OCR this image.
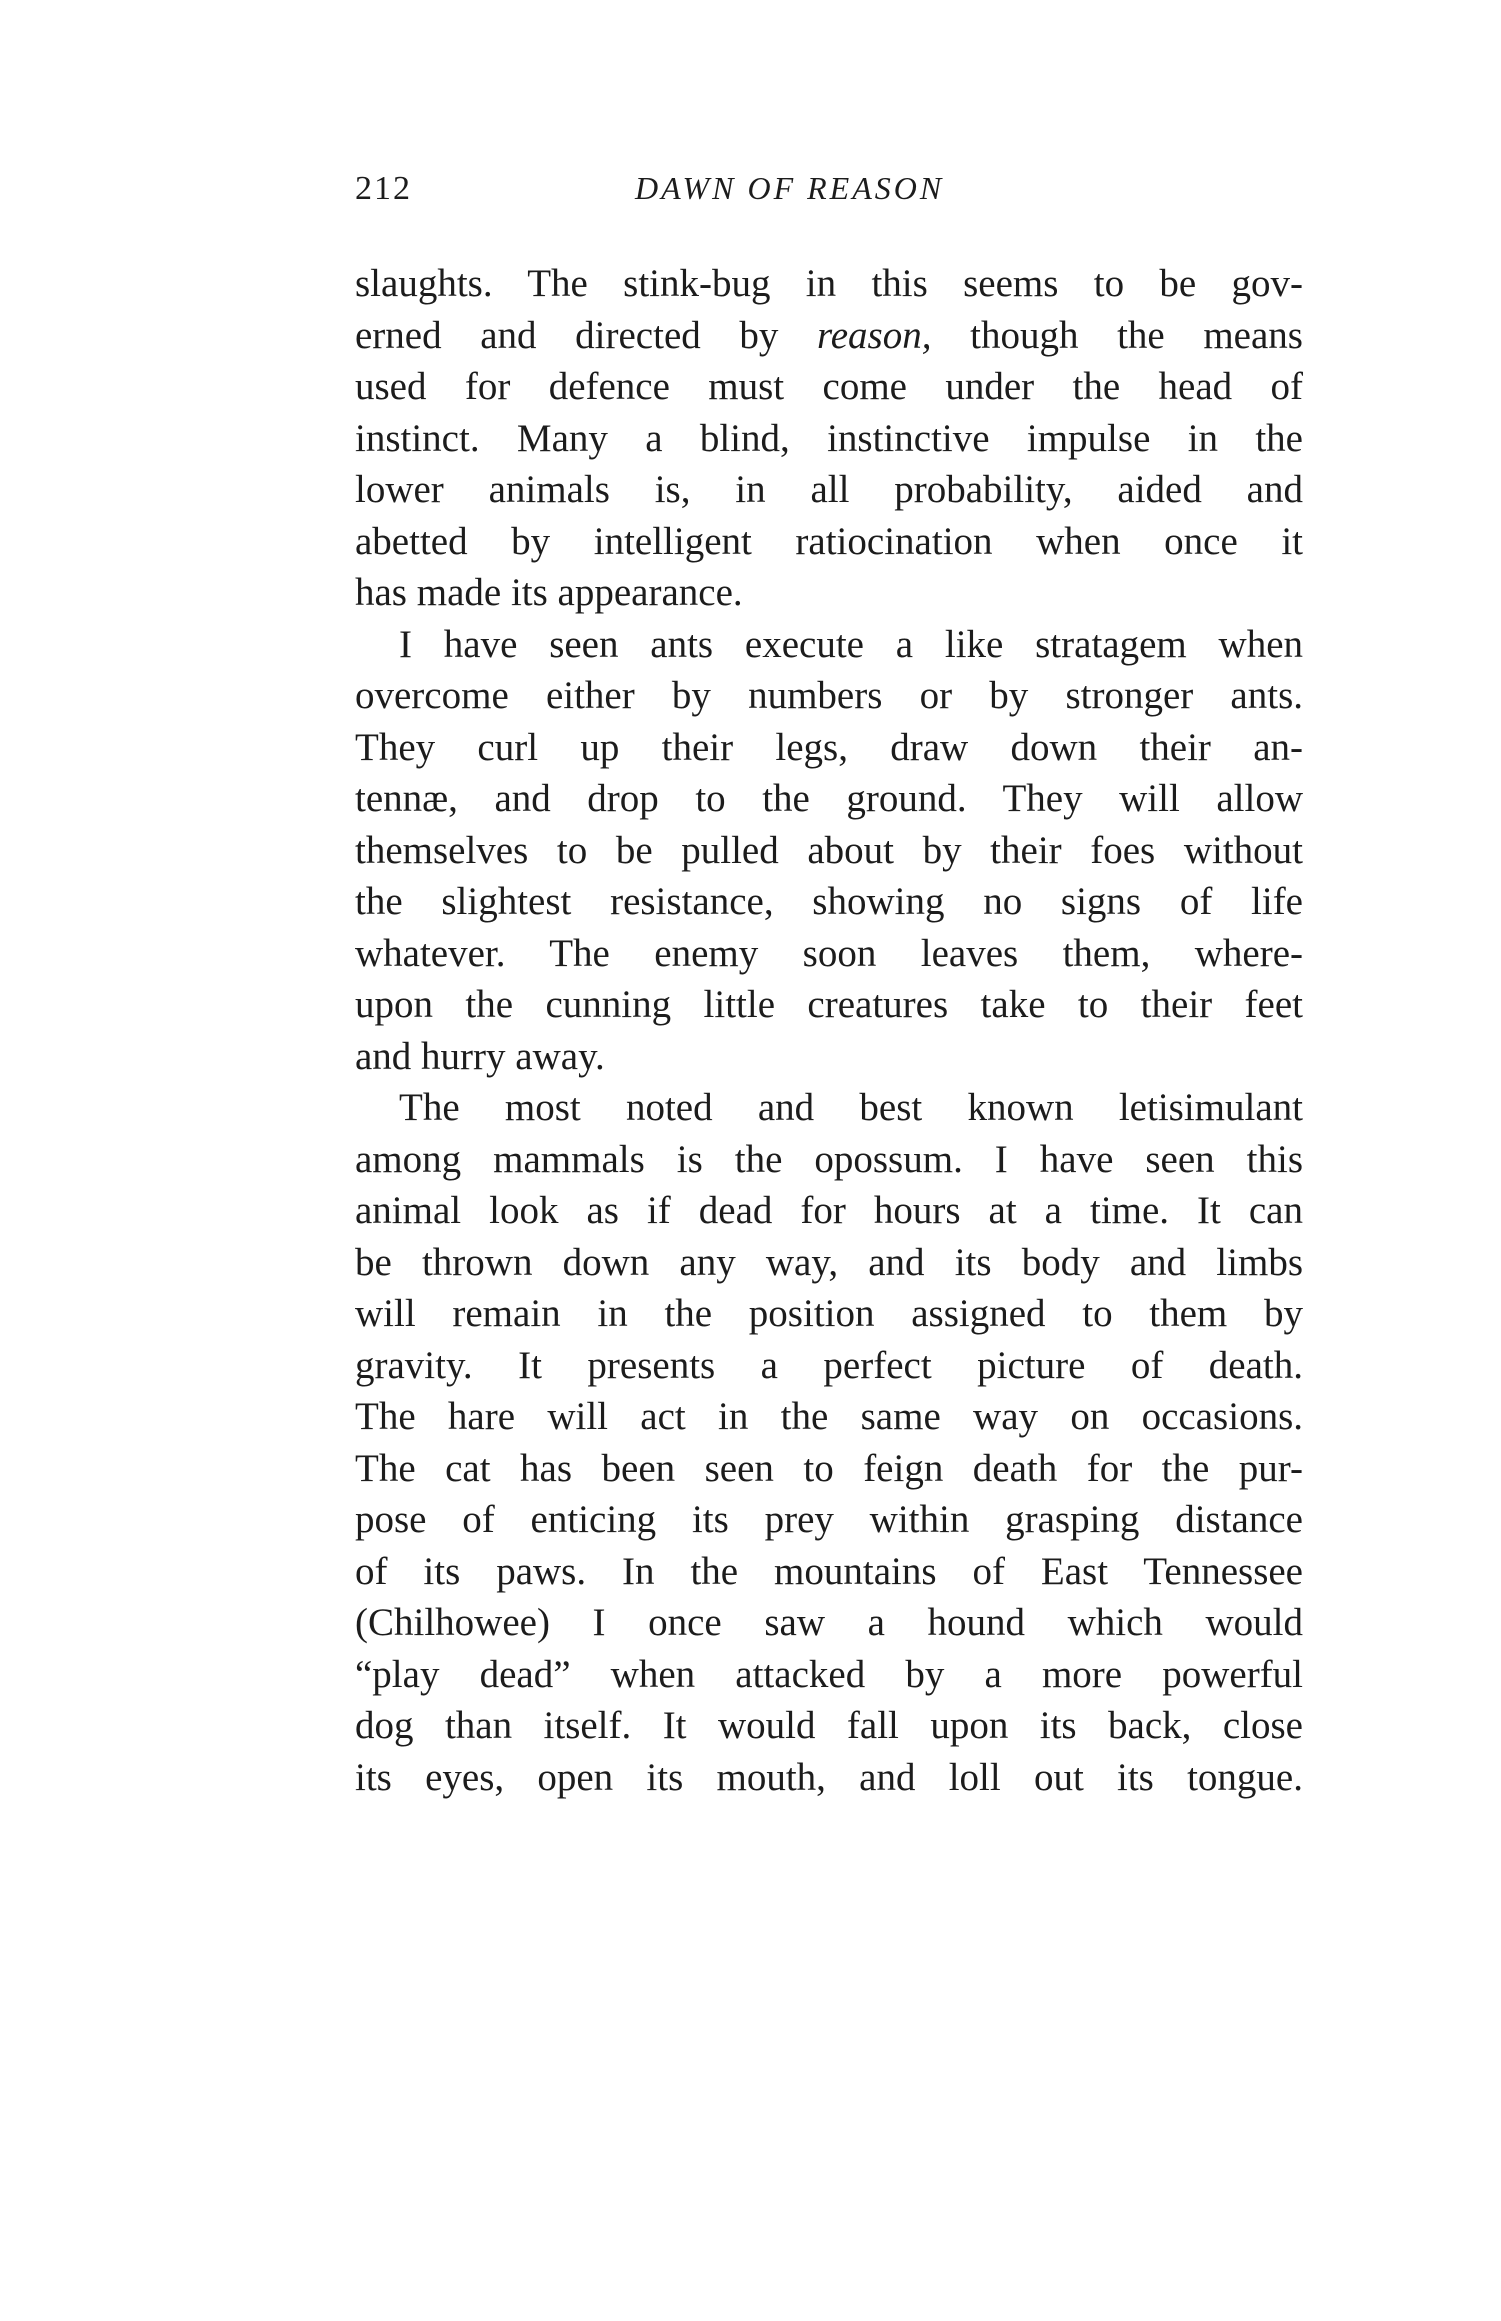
212	DAWN OF REASON
slaughts. The stink-bug in this seems to be gov-
erned and directed by reason, though the means
used for defence must come under the head of
instinct. Many a blind, instinctive impulse in the
lower animals is, in all probability, aided and
abetted by intelligent ratiocination when once it
has made its appearance.
I have seen ants execute a like stratagem when
overcome either by numbers or by stronger ants.
They curl up their legs, draw down their an-
tennæ, and drop to the ground. They will allow
themselves to be pulled about by their foes without
the slightest resistance, showing no signs of life
whatever. The enemy soon leaves them, where-
upon the cunning little creatures take to their feet
and hurry away.
The most noted and best known letisimulant
among mammals is the opossum. I have seen this
animal look as if dead for hours at a time. It can
be thrown down any way, and its body and limbs
will remain in the position assigned to them by
gravity. It presents a perfect picture of death.
The hare will act in the same way on occasions.
The cat has been seen to feign death for the pur-
pose of enticing its prey within grasping distance
of its paws. In the mountains of East Tennessee
(Chilhowee) I once saw a hound which would
“play dead” when attacked by a more powerful
dog than itself. It would fall upon its back, close
its eyes, open its mouth, and loll out its tongue.
